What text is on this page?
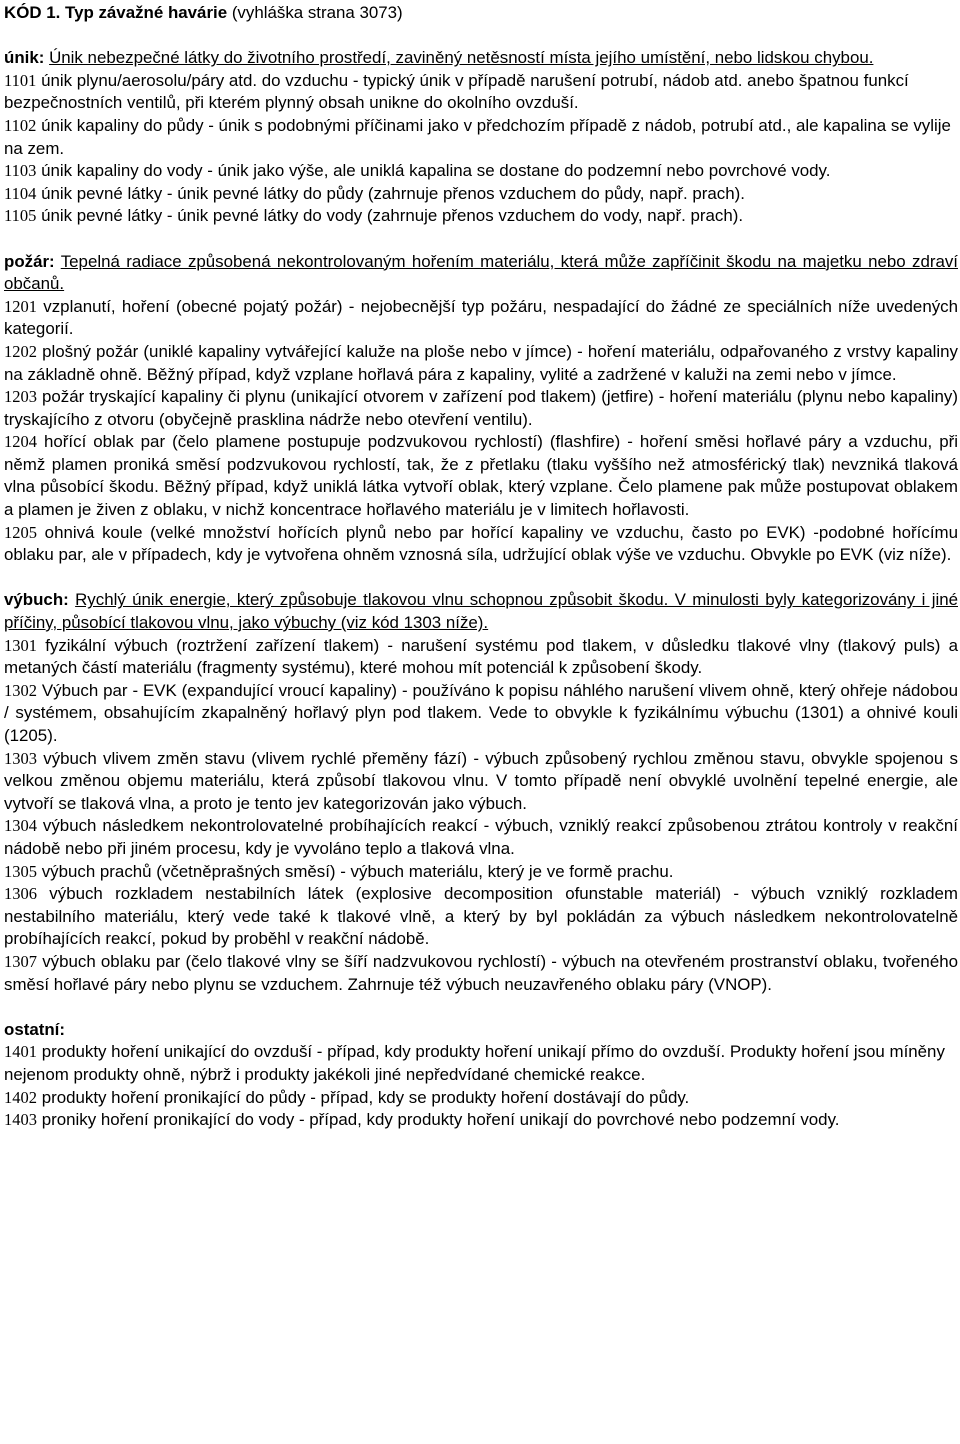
KÓD 1. Typ závažné havárie (vyhláška strana 3073)

únik: Únik nebezpečné látky do životního prostředí, zaviněný netěsností místa jejího umístění, nebo lidskou chybou.

1101 únik plynu/aerosolu/páry atd. do vzduchu - typický únik v případě narušení potrubí, nádob atd. anebo špatnou funkcí bezpečnostních ventilů, při kterém plynný obsah unikne do okolního ovzduší.

1102 únik kapaliny do půdy - únik s podobnými příčinami jako v předchozím případě z nádob, potrubí atd., ale kapalina se vylije na zem.

1103 únik kapaliny do vody - únik jako výše, ale uniklá kapalina se dostane do podzemní nebo povrchové vody.

1104 únik pevné látky - únik pevné látky do půdy (zahrnuje přenos vzduchem do půdy, např. prach).

1105 únik pevné látky - únik pevné látky do vody (zahrnuje přenos vzduchem do vody, např. prach).

požár: Tepelná radiace způsobená nekontrolovaným hořením materiálu, která může zapříčinit škodu na majetku nebo zdraví občanů.

1201 vzplanutí, hoření (obecné pojatý požár) - nejobecnější typ požáru, nespadající do žádné ze speciálních níže uvedených kategorií.

1202 plošný požár (uniklé kapaliny vytvářející kaluže na ploše nebo v jímce) - hoření materiálu, odpařovaného z vrstvy kapaliny na základně ohně. Běžný případ, když vzplane hořlavá pára z kapaliny, vylité a zadržené v kaluži na zemi nebo v jímce.

1203 požár tryskající kapaliny či plynu (unikající otvorem v zařízení pod tlakem) (jetfire) - hoření materiálu (plynu nebo kapaliny) tryskajícího z otvoru (obyčejně prasklina nádrže nebo otevření ventilu).

1204 hořící oblak par (čelo plamene postupuje podzvukovou rychlostí) (flashfire) - hoření směsi hořlavé páry a vzduchu, při němž plamen proniká směsí podzvukovou rychlostí, tak, že z přetlaku (tlaku vyššího než atmosférický tlak) nevzniká tlaková vlna působící škodu. Běžný případ, když uniklá látka vytvoří oblak, který vzplane. Čelo plamene pak může postupovat oblakem a plamen je živen z oblaku, v nichž koncentrace hořlavého materiálu je v limitech hořlavosti.

1205 ohnivá koule (velké množství hořících plynů nebo par hořící kapaliny ve vzduchu, často po EVK) -podobné hořícímu oblaku par, ale v případech, kdy je vytvořena ohněm vznosná síla, udržující oblak výše ve vzduchu. Obvykle po EVK (viz níže).

výbuch: Rychlý únik energie, který způsobuje tlakovou vlnu schopnou způsobit škodu. V minulosti byly kategorizovány i jiné příčiny, působící tlakovou vlnu, jako výbuchy (viz kód 1303 níže).

1301 fyzikální výbuch (roztržení zařízení tlakem) - narušení systému pod tlakem, v důsledku tlakové vlny (tlakový puls) a metaných částí materiálu (fragmenty systému), které mohou mít potenciál k způsobení škody.

1302 Výbuch par - EVK (expandující vroucí kapaliny) - používáno k popisu náhlého narušení vlivem ohně, který ohřeje nádobou / systémem, obsahujícím zkapalněný hořlavý plyn pod tlakem. Vede to obvykle k fyzikálnímu výbuchu (1301) a ohnivé kouli (1205).

1303 výbuch vlivem změn stavu (vlivem rychlé přeměny fází) - výbuch způsobený rychlou změnou stavu, obvykle spojenou s velkou změnou objemu materiálu, která způsobí tlakovou vlnu. V tomto případě není obvyklé uvolnění tepelné energie, ale vytvoří se tlaková vlna, a proto je tento jev kategorizován jako výbuch.

1304 výbuch následkem nekontrolovatelné probíhajících reakcí - výbuch, vzniklý reakcí způsobenou ztrátou kontroly v reakční nádobě nebo při jiném procesu, kdy je vyvoláno teplo a tlaková vlna.

1305 výbuch prachů (včetněprašných směsí) - výbuch materiálu, který je ve formě prachu.

1306 výbuch rozkladem nestabilních látek (explosive decomposition ofunstable materiál) - výbuch vzniklý rozkladem nestabilního materiálu, který vede také k tlakové vlně, a který by byl pokládán za výbuch následkem nekontrolovatelně probíhajících reakcí, pokud by proběhl v reakční nádobě.

1307 výbuch oblaku par (čelo tlakové vlny se šíří nadzvukovou rychlostí) - výbuch na otevřeném prostranství oblaku, tvořeného směsí hořlavé páry nebo plynu se vzduchem. Zahrnuje též výbuch neuzavřeného oblaku páry (VNOP).

ostatní:

1401 produkty hoření unikající do ovzduší - případ, kdy produkty hoření unikají přímo do ovzduší. Produkty hoření jsou míněny nejenom produkty ohně, nýbrž i produkty jakékoli jiné nepředvídané chemické reakce.

1402 produkty hoření pronikající do půdy - případ, kdy se produkty hoření dostávají do půdy.

1403 proniky hoření pronikající do vody - případ, kdy produkty hoření unikají do povrchové nebo podzemní vody.
